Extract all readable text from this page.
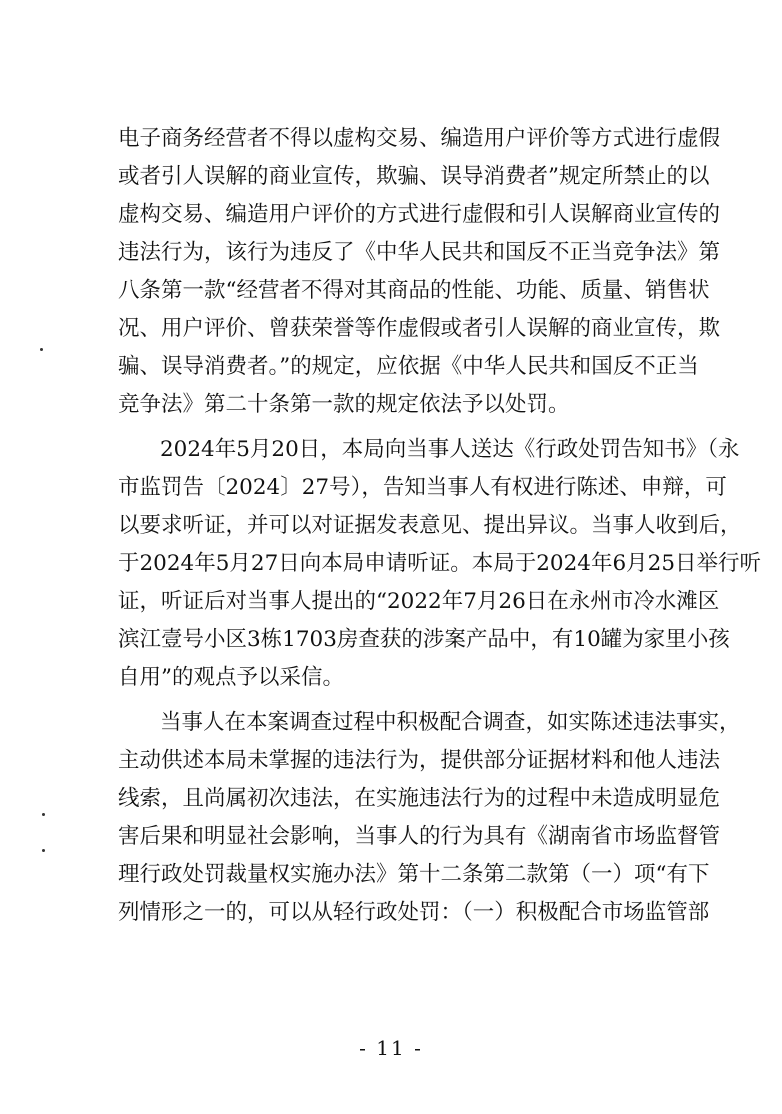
电子商务经营者不得以虚构交易、编造用户评价等方式进行虚假
或者引人误解的商业宣传，欺骗、误导消费者”规定所禁止的以
虚构交易、编造用户评价的方式进行虚假和引人误解商业宣传的
违法行为，该行为违反了《中华人民共和国反不正当竞争法》第
八条第一款“经营者不得对其商品的性能、功能、质量、销售状
况、用户评价、曾获荣誉等作虚假或者引人误解的商业宣传，欺
骗、误导消费者。”的规定，应依据《中华人民共和国反不正当
竞争法》第二十条第一款的规定依法予以处罚。

2024年5月20日，本局向当事人送达《行政处罚告知书》（永
市监罚告〔2024〕27号），告知当事人有权进行陈述、申辩，可
以要求听证，并可以对证据发表意见、提出异议。当事人收到后，
于2024年5月27日向本局申请听证。本局于2024年6月25日举行听
证，听证后对当事人提出的“2022年7月26日在永州市冷水滩区
滨江壹号小区3栋1703房查获的涉案产品中，有10罐为家里小孩
自用”的观点予以采信。

当事人在本案调查过程中积极配合调查，如实陈述违法事实，
主动供述本局未掌握的违法行为，提供部分证据材料和他人违法
线索，且尚属初次违法，在实施违法行为的过程中未造成明显危
害后果和明显社会影响，当事人的行为具有《湖南省市场监督管
理行政处罚裁量权实施办法》第十二条第二款第（一）项“有下
列情形之一的，可以从轻行政处罚：（一）积极配合市场监管部

- 11 -
